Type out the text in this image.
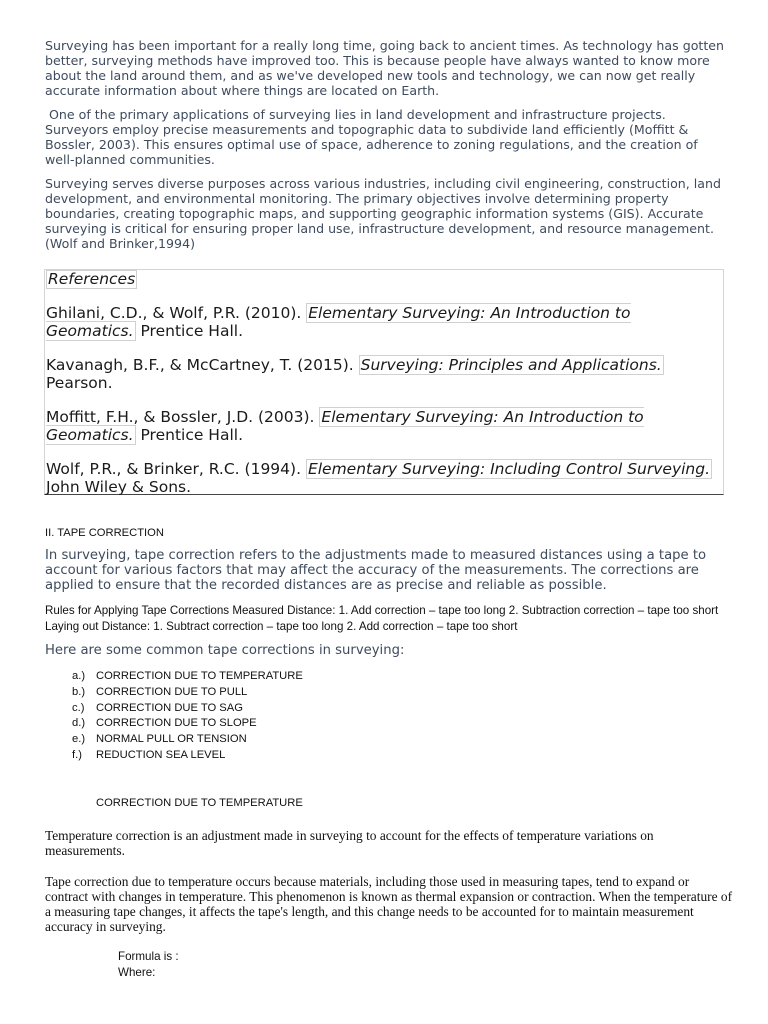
Surveying has been important for a really long time, going back to ancient times. As technology has gotten better, surveying methods have improved too. This is because people have always wanted to know more about the land around them, and as we've developed new tools and technology, we can now get really accurate information about where things are located on Earth.

One of the primary applications of surveying lies in land development and infrastructure projects. Surveyors employ precise measurements and topographic data to subdivide land efficiently (Moffitt & Bossler, 2003). This ensures optimal use of space, adherence to zoning regulations, and the creation of well-planned communities.

Surveying serves diverse purposes across various industries, including civil engineering, construction, land development, and environmental monitoring. The primary objectives involve determining property boundaries, creating topographic maps, and supporting geographic information systems (GIS). Accurate surveying is critical for ensuring proper land use, infrastructure development, and resource management. (Wolf and Brinker,1994)

References

Ghilani, C.D., & Wolf, P.R. (2010). Elementary Surveying: An Introduction to Geomatics. Prentice Hall.

Kavanagh, B.F., & McCartney, T. (2015). Surveying: Principles and Applications. Pearson.

Moffitt, F.H., & Bossler, J.D. (2003). Elementary Surveying: An Introduction to Geomatics. Prentice Hall.

Wolf, P.R., & Brinker, R.C. (1994). Elementary Surveying: Including Control Surveying. John Wiley & Sons.

II. TAPE CORRECTION

In surveying, tape correction refers to the adjustments made to measured distances using a tape to account for various factors that may affect the accuracy of the measurements. The corrections are applied to ensure that the recorded distances are as precise and reliable as possible.

Rules for Applying Tape Corrections Measured Distance: 1. Add correction – tape too long 2. Subtraction correction – tape too short Laying out Distance: 1. Subtract correction – tape too long 2. Add correction – tape too short

Here are some common tape corrections in surveying:

a.) CORRECTION DUE TO TEMPERATURE
b.) CORRECTION DUE TO PULL
c.) CORRECTION DUE TO SAG
d.) CORRECTION DUE TO SLOPE
e.) NORMAL PULL OR TENSION
f.) REDUCTION SEA LEVEL
CORRECTION DUE TO TEMPERATURE

Temperature correction is an adjustment made in surveying to account for the effects of temperature variations on measurements.

Tape correction due to temperature occurs because materials, including those used in measuring tapes, tend to expand or contract with changes in temperature. This phenomenon is known as thermal expansion or contraction. When the temperature of a measuring tape changes, it affects the tape's length, and this change needs to be accounted for to maintain measurement accuracy in surveying.

Formula is :
Where:
